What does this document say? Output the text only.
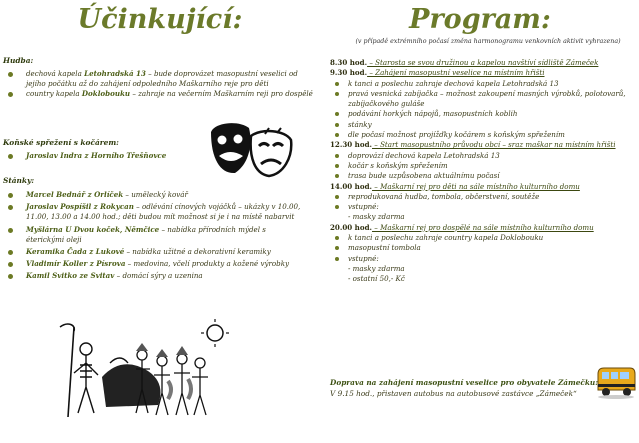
Účinkující:
Hudba:
dechová kapela Letohradská 13 – bude doprovázet masopustní veselici od jejího počátku až do zahájení odpoledního Maškarního reje pro děti
country kapela Doklobouku – zahraje na večerním Maškarním reji pro dospělé
Koňské spřežení s kočárem:
Jaroslav Indra z Horního Třešňovce
Stánky:
Marcel Bednář z Orlíček – umělecký kovář
Jaroslav Pospíšil z Rokycan – odlévání cínových vojáčků – ukázky v 10.00, 11.00, 13.00 a 14.00 hod.; děti budou mít možnost si je i na místě nabarvit
Myšlárna U Dvou koček, Němčice – nabídka přírodních mýdel s éterickými oleji
Keramika Čada z Lukové – nabídka užitné a dekorativní keramiky
Vladimír Koller z Písrova – medovina, včelí produkty a kožené výrobky
Kamil Svitko ze Svitav – domácí sýry a uzenina
Program:
(v případě extrémního počasí změna harmonogramu venkovních aktivit vyhrazena)
8.30 hod. – Starosta se svou družinou a kapelou navštíví sídliště Zámeček
9.30 hod. – Zahájení masopustní veselice na místním hřišti
k tanci a poslechu zahraje dechová kapela Letohradská 13
pravá vesnická zabíjačka – možnost zakoupení masných výrobků, polotovarů, zabíjačkového guláše
podávání horkých nápojů, masopustních koblih
stánky
dle počasí možnost projížďky kočárem s koňským spřežením
12.30 hod. – Start masopustního průvodu obcí – sraz maškar na místním hřišti
doprovází dechová kapela Letohradská 13
kočár s koňským spřežením
trasa bude uzpůsobena aktuálnímu počasí
14.00 hod. – Maškarní rej pro děti na sále místního kulturního domu
reprodukovaná hudba, tombola, občerstvení, soutěže
vstupné:
- masky zdarma
20.00 hod. – Maškarní rej pro dospělé na sále místního kulturního domu
k tanci a poslechu zahraje country kapela Doklobouku
masopustní tombola
vstupné:
- masky zdarma
- ostatní 50,- Kč
Doprava na zahájení masopustní veselice pro obyvatele Zámečku:
V 9.15 hod., přistaven autobus na autobusové zastávce „Zámeček“
